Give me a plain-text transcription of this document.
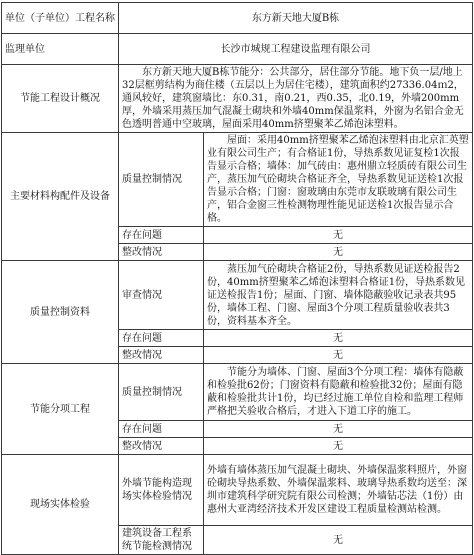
单位（子单位）工程名称	东方新天地大厦B栋	
监理单位	长沙市城规工程建设监理有限公司	
节能工程设计概况	东方新天地大厦B栋节能分：公共部分，居住部分节能。地下负一层/地上32层框剪结构为商住楼（五层以上为居住宅楼），建筑面积约27336.04ｍ2，通风较好，建筑窗墙比：东0.31，南0.21，西0.35，北0.19，外墙200mm厚，外墙采用蒸压加气混凝土砌块和外墙40mm保温浆料，外窗为名铝合金无色透明普通中空玻璃，屋面采用40mm挤塑聚苯乙烯泡沫塑料。	
主要材料构配件及设备	质量控制情况	屋面：采用40mm挤塑聚苯乙烯泡沫塑料由北京汇英塑业有限公司生产；有合格证1份，导热系数见证复检1次报告显示合格；墙体：加气砖由：惠州鼎立轻质砖有限公司生产，蒸压加气砼砌块合格证齐全，导热系数见证送检1次报告显示合格；门窗：窗玻璃由东莞市友联玻璃有限公司生产，铝合金窗三性检测物理性能见证送检1次报告显示合格。
	存在问题	无
	整改情况	无
质量控制资料	审查情况	蒸压加气砼砌块合格证2份，导热系数见证送检报告2份，40mm挤塑聚苯乙烯泡沫塑料合格证1份，导热系数见证送检报告1份；屋面、门窗、墙体隐蔽验收记录表共95份，墙体工程、门窗、屋面3个分项工程质量验收表共3份，资料基本齐全。
	存在问题	无
	整改情况	无
节能分项工程	质量控制情况	节能分为墙体、门窗、屋面3个分项工程：墙体有隐蔽和检验批62份；门窗资料有隐蔽和检验批32份；屋面有隐蔽和检验批共计1份，均已经过施工单位自检和监理工程师严格把关验收合格后，才进入下道工序的施工。
	存在问题	无
	整改情况	无
现场实体检验	外墙节能构造现场实体检验情况	外墙有墙体蒸压加气混凝土砌块、外墙保温浆料照片，外窗砼砌块导热系数、外墙保温浆料、玻璃导热系数均送至：深圳市建筑科学研究院有限公司检测；外墙钻芯法（1份）由惠州大亚湾经济技术开发区建设工程质量检测站检测。
	建筑设备工程系统节能检测情况	无
